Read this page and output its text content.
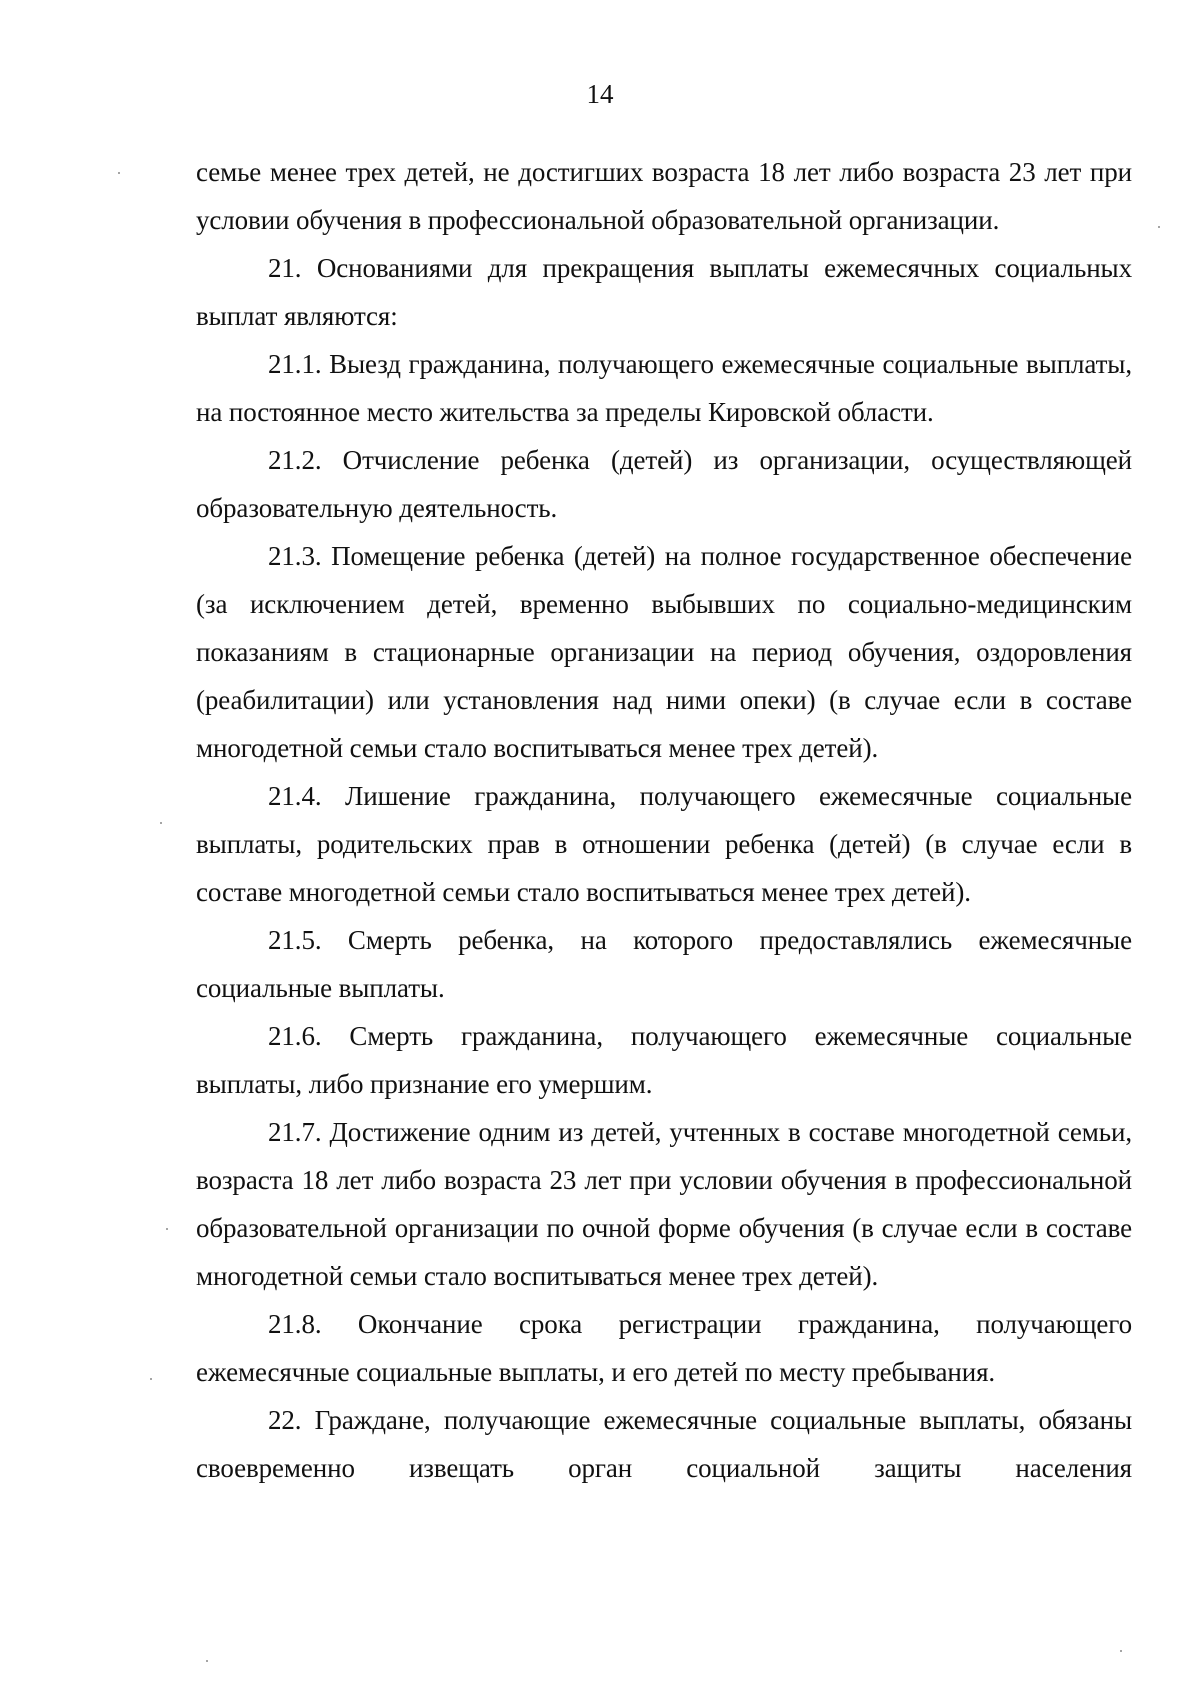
14

семье менее трех детей, не достигших возраста 18 лет либо возраста 23 лет при условии обучения в профессиональной образовательной организации.

21. Основаниями для прекращения выплаты ежемесячных социальных выплат являются:

21.1. Выезд гражданина, получающего ежемесячные социальные выплаты, на постоянное место жительства за пределы Кировской области.

21.2. Отчисление ребенка (детей) из организации, осуществляющей образовательную деятельность.

21.3. Помещение ребенка (детей) на полное государственное обеспечение (за исключением детей, временно выбывших по социально-медицинским показаниям в стационарные организации на период обучения, оздоровления (реабилитации) или установления над ними опеки) (в случае если в составе многодетной семьи стало воспитываться менее трех детей).

21.4. Лишение гражданина, получающего ежемесячные социальные выплаты, родительских прав в отношении ребенка (детей) (в случае если в составе многодетной семьи стало воспитываться менее трех детей).

21.5. Смерть ребенка, на которого предоставлялись ежемесячные социальные выплаты.

21.6. Смерть гражданина, получающего ежемесячные социальные выплаты, либо признание его умершим.

21.7. Достижение одним из детей, учтенных в составе многодетной семьи, возраста 18 лет либо возраста 23 лет при условии обучения в профессиональной образовательной организации по очной форме обучения (в случае если в составе многодетной семьи стало воспитываться менее трех детей).

21.8. Окончание срока регистрации гражданина, получающего ежемесячные социальные выплаты, и его детей по месту пребывания.

22. Граждане, получающие ежемесячные социальные выплаты, обязаны своевременно извещать орган социальной защиты населения
